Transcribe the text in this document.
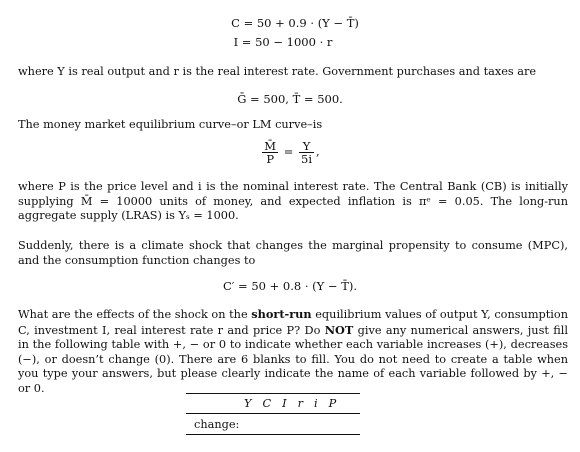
C = 50 + 0.9 · (Y − T̄)
I = 50 − 1000 · r
where Y is real output and r is the real interest rate. Government purchases and taxes are
Ḡ = 500, T̄ = 500.
The money market equilibrium curve–or LM curve–is
$\frac{M̄}{P} = \frac{Y}{5i}$ ,
where P is the price level and i is the nominal interest rate. The Central Bank (CB) is initially supplying M̄ = 10000 units of money, and expected inflation is πᵉ = 0.05. The long-run aggregate supply (LRAS) is Yₛ = 1000.
Suddenly, there is a climate shock that changes the marginal propensity to consume (MPC), and the consumption function changes to
C′ = 50 + 0.8 · (Y − T̄).
What are the effects of the shock on the short-run equilibrium values of output Y, consumption C, investment I, real interest rate r and price P? Do NOT give any numerical answers, just fill in the following table with +, − or 0 to indicate whether each variable increases (+), decreases (−), or doesn’t change (0). There are 6 blanks to fill. You do not need to create a table when you type your answers, but please clearly indicate the name of each variable followed by +, − or 0.
Y C I r i P
change:
